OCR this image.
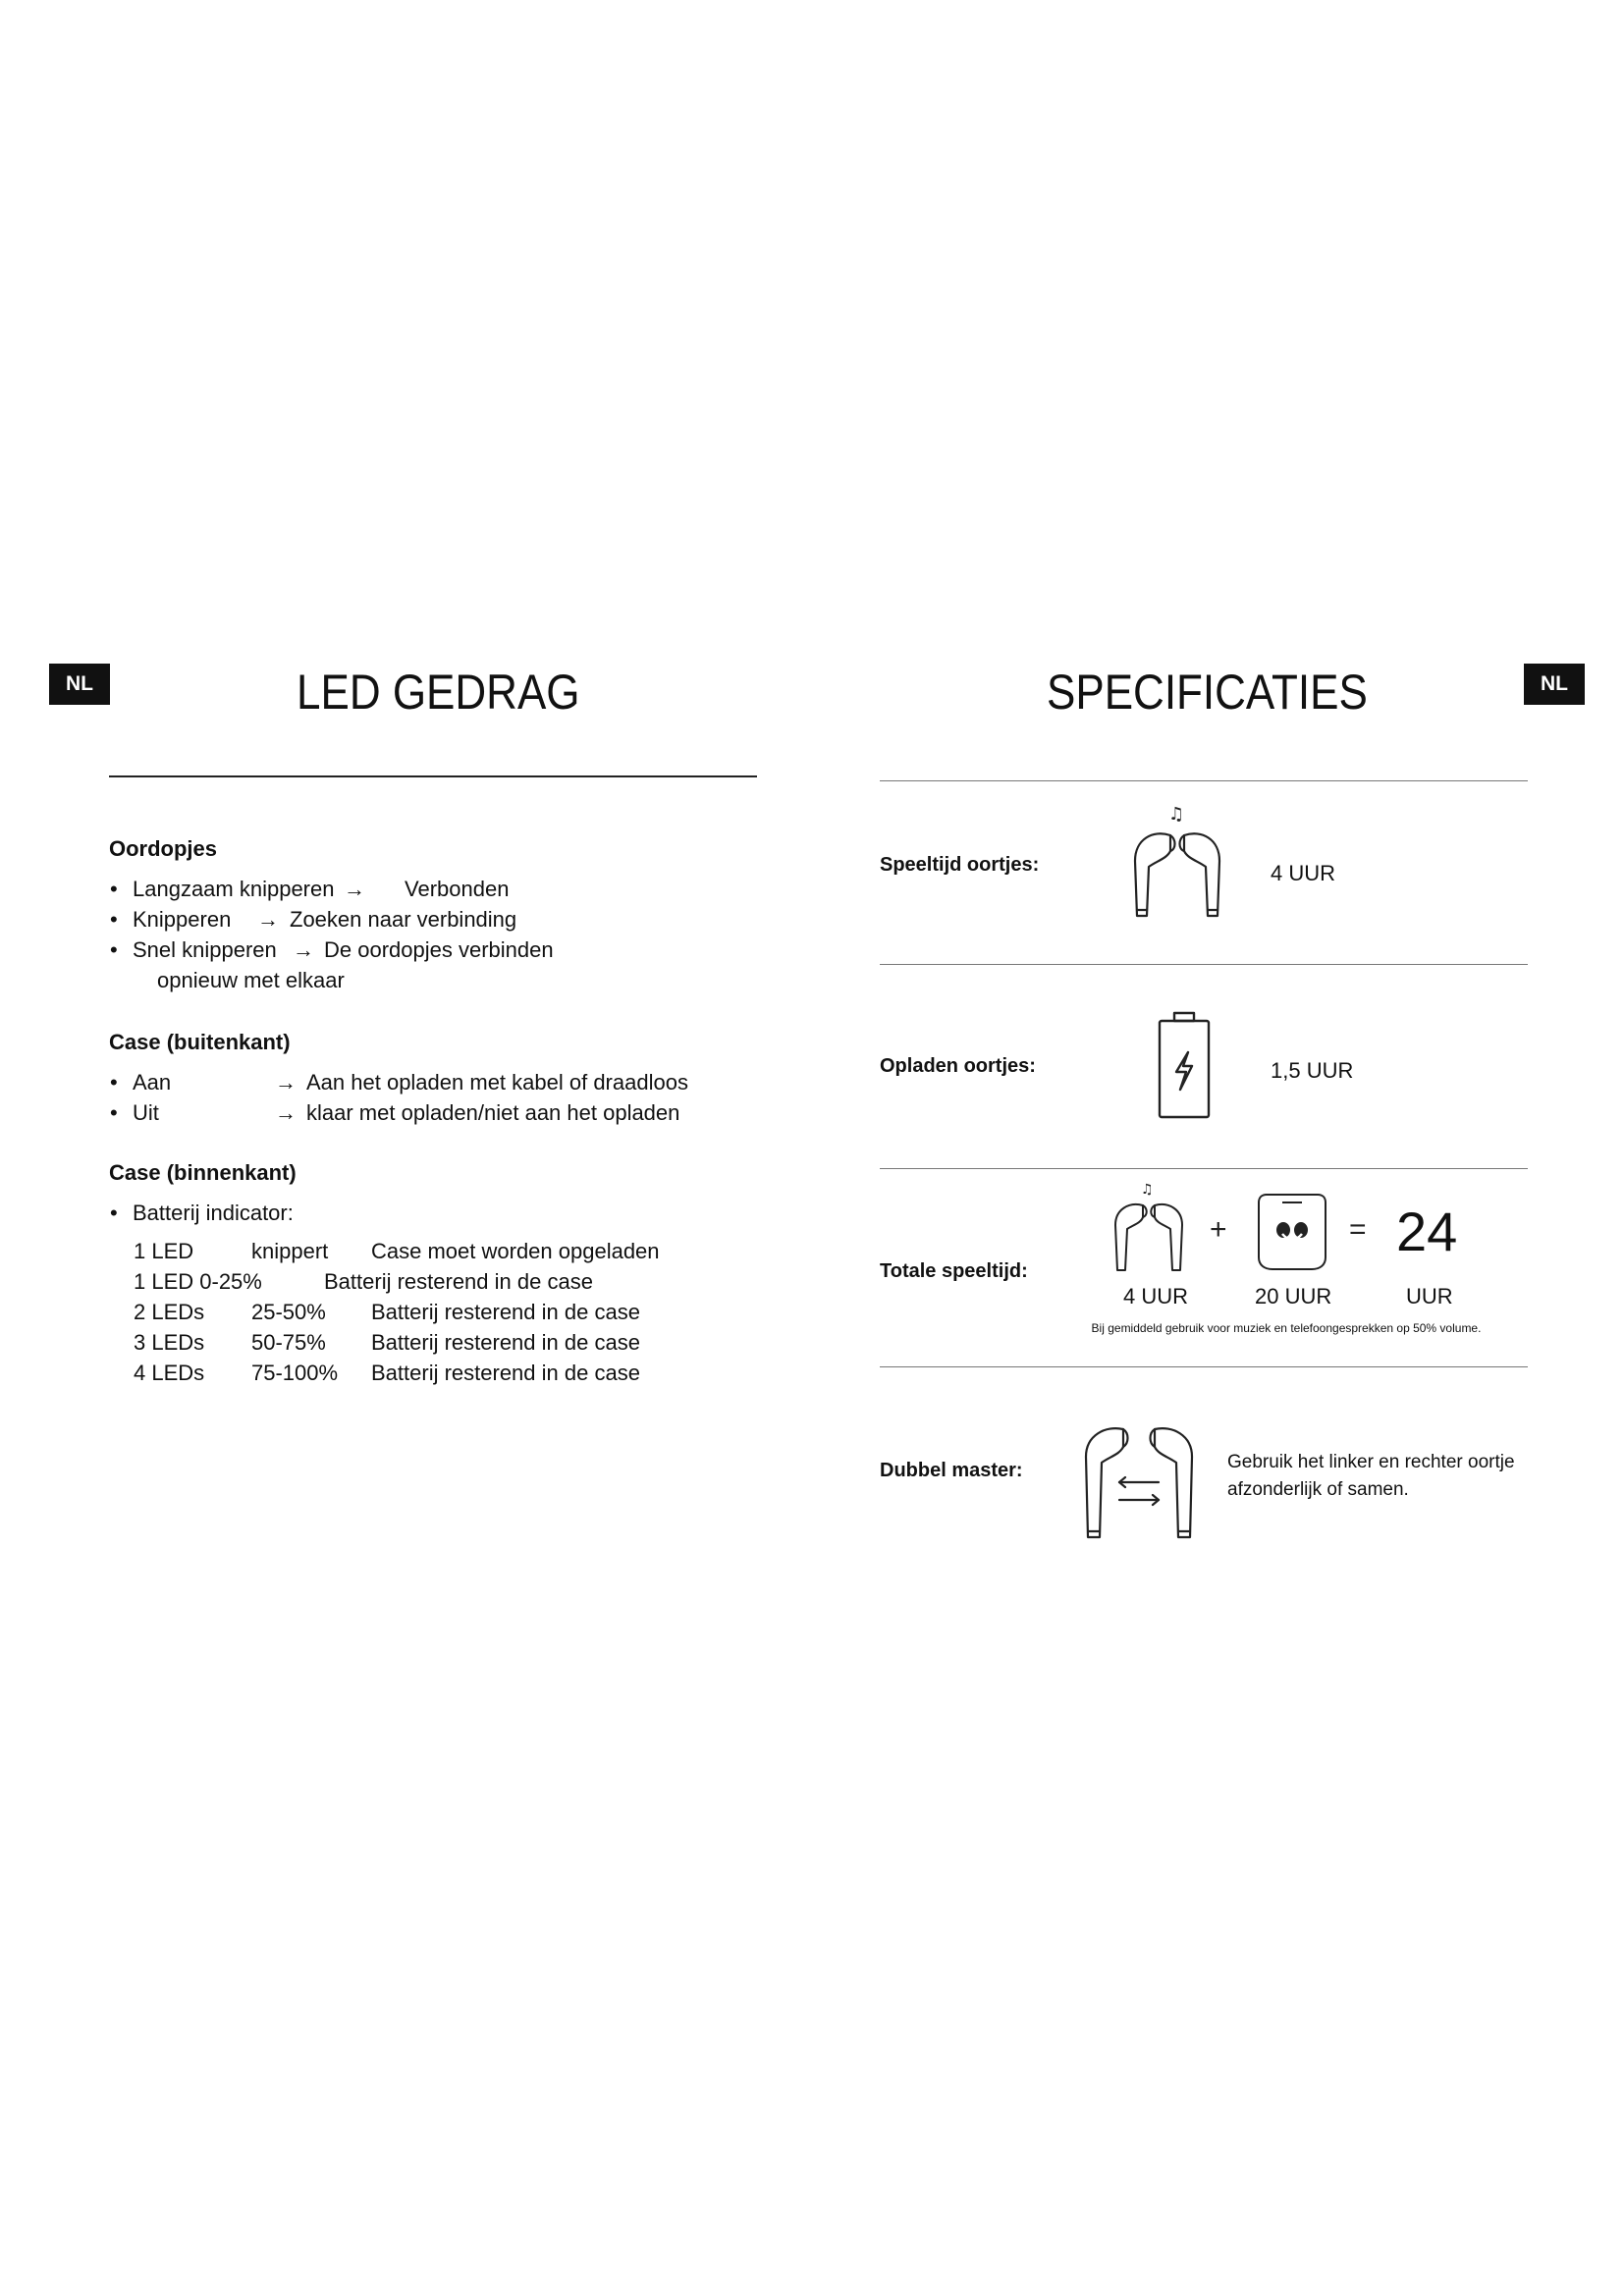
NL	LED GEDRAG
Oordopjes
• Langzaam knipperen → Verbonden
• Knipperen → Zoeken naar verbinding
• Snel knipperen → De oordopjes verbinden
opnieuw met elkaar
Case (buitenkant)
• Aan	→ Aan het opladen met kabel of draadloos
• Uit	→ klaar met opladen/niet aan het opladen
Case (binnenkant)
• Batterij indicator:
1 LED	knippert Case moet worden opgeladen
1 LED 0-25%	Batterij resterend in de case
2 LEDs 25-50% Batterij resterend in de case
3 LEDs 50-75% Batterij resterend in de case
4 LEDs 75-100% Batterij resterend in de case
SPECIFICATIES	NL
Speeltijd oortjes:
♫
4 UUR
Opladen oortjes:	1,5 UUR
Totale speeltijd:
♫
+	= 24
4 UUR	20 UUR	UUR
Bij gemiddeld gebruik voor muziek en telefoongesprekken op 50% volume.
Dubbel master:	Gebruik het linker en rechter oortje afzonderlijk of samen.
